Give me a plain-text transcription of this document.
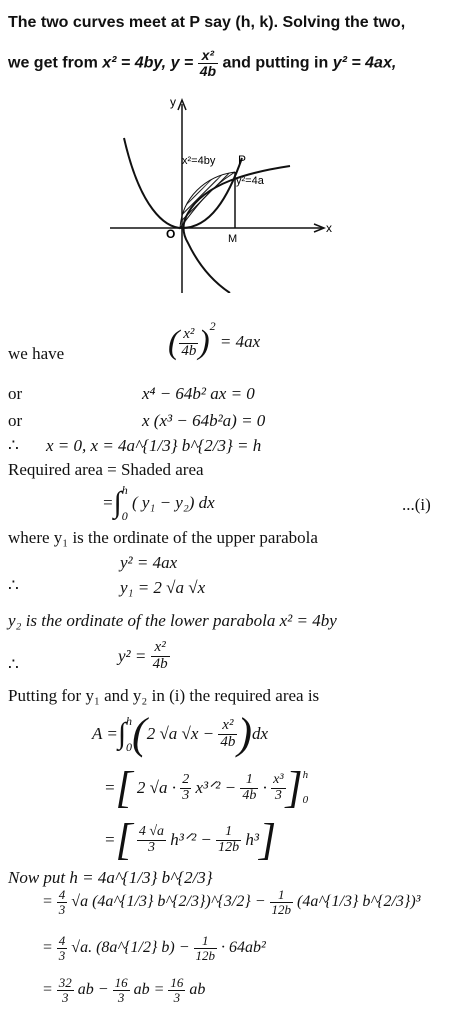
The two curves meet at P say (h, k). Solving the two,
we get from x² = 4by, $y = \frac{\text{x²}}{4b}$ and putting in y² = 4ax,
y
x
O	M
P
x²=4by
y²=4a
we have	( $\frac{\text{x²}}{4b} )^2 = 4ax$
or	x⁴ − 64b² ax = 0
or	x (x³ − 64b²a) = 0
∴ x = 0, x = 4a^{1/3} b^{2/3} = h
Required area = Shaded area
=∫ h
0
( y₁ − y₂) dx	...(i)
where y₁ is the ordinate of the upper parabola
y² = 4ax
∴	y₁ = 2 √a √x
y₂ is the ordinate of the lower parabola x² = 4by
∴	$y^2 = \frac{\text{x²}}{4b}$
Putting for y₁ and y₂ in (i) the required area is
A =∫ h
0 (2 √a $√x - \frac{\text{x²}}{4b} )dx$
=[ 2 $√a \cdot \frac{2}{3}$ x³ᐟ² − $\frac{1}{4b} \cdot \frac{\text{x³}}{3}$ ] h
0
=[ $\frac{4 √a}{3}$ h³ᐟ² − $\frac{1}{12b} h^3$]
Now put h = 4a^{1/3} b^{2/3}
= $\frac{4}{3} √a$ (4a^{1/3} b^{2/3})^{3/2} − $\frac{1}{12b}$ (4a^{1/3} b^{2/3})³
= $\frac{4}{3} √a$. (8a^{1/2} $b) - \frac{1}{12b} \cdot 64ab^2$
= $\frac{32}{3}$ ab − $\frac{16}{3}$ ab = $\frac{16}{3}$ ab
